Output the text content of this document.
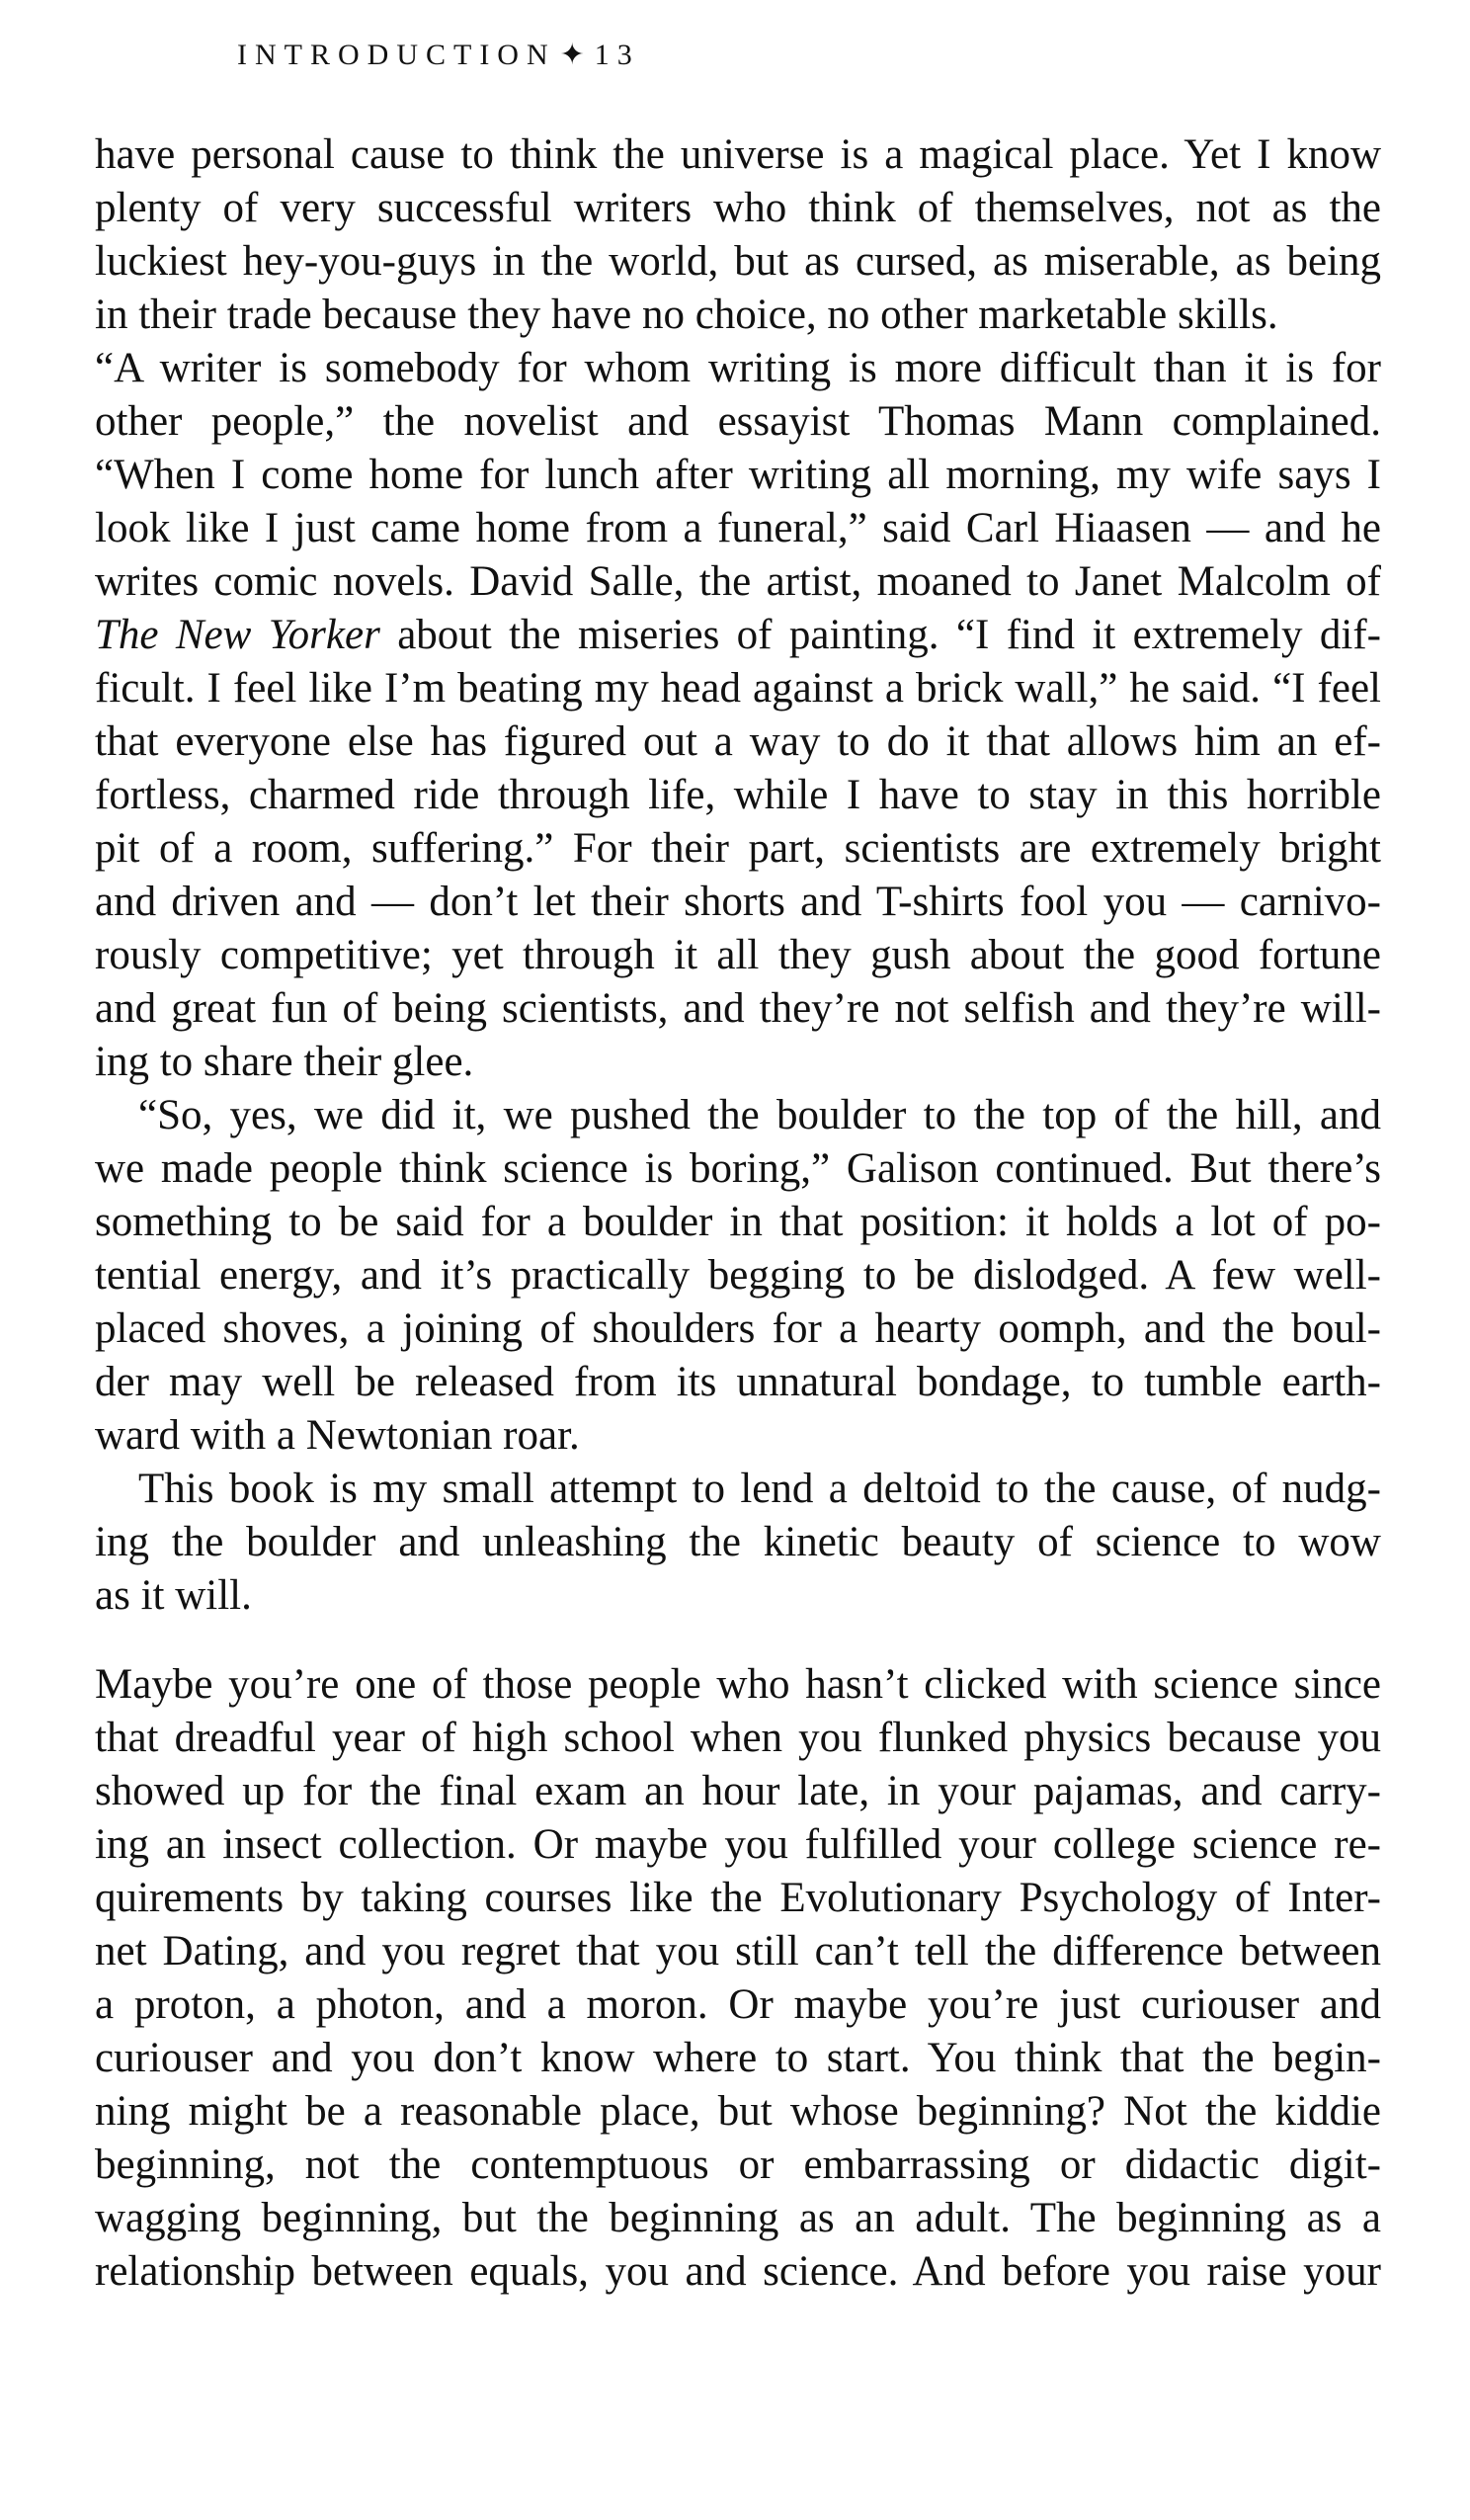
INTRODUCTION ✦ 13
have personal cause to think the universe is a magical place. Yet I know
plenty of very successful writers who think of themselves, not as the
luckiest hey-you-guys in the world, but as cursed, as miserable, as being
in their trade because they have no choice, no other marketable skills.
“A writer is somebody for whom writing is more difficult than it is for
other people,” the novelist and essayist Thomas Mann complained.
“When I come home for lunch after writing all morning, my wife says I
look like I just came home from a funeral,” said Carl Hiaasen — and he
writes comic novels. David Salle, the artist, moaned to Janet Malcolm of
The New Yorker about the miseries of painting. “I find it extremely dif-
ficult. I feel like I’m beating my head against a brick wall,” he said. “I feel
that everyone else has figured out a way to do it that allows him an ef-
fortless, charmed ride through life, while I have to stay in this horrible
pit of a room, suffering.” For their part, scientists are extremely bright
and driven and — don’t let their shorts and T-shirts fool you — carnivo-
rously competitive; yet through it all they gush about the good fortune
and great fun of being scientists, and they’re not selfish and they’re will-
ing to share their glee.
“So, yes, we did it, we pushed the boulder to the top of the hill, and
we made people think science is boring,” Galison continued. But there’s
something to be said for a boulder in that position: it holds a lot of po-
tential energy, and it’s practically begging to be dislodged. A few well-
placed shoves, a joining of shoulders for a hearty oomph, and the boul-
der may well be released from its unnatural bondage, to tumble earth-
ward with a Newtonian roar.
This book is my small attempt to lend a deltoid to the cause, of nudg-
ing the boulder and unleashing the kinetic beauty of science to wow
as it will.
Maybe you’re one of those people who hasn’t clicked with science since
that dreadful year of high school when you flunked physics because you
showed up for the final exam an hour late, in your pajamas, and carry-
ing an insect collection. Or maybe you fulfilled your college science re-
quirements by taking courses like the Evolutionary Psychology of Inter-
net Dating, and you regret that you still can’t tell the difference between
a proton, a photon, and a moron. Or maybe you’re just curiouser and
curiouser and you don’t know where to start. You think that the begin-
ning might be a reasonable place, but whose beginning? Not the kiddie
beginning, not the contemptuous or embarrassing or didactic digit-
wagging beginning, but the beginning as an adult. The beginning as a
relationship between equals, you and science. And before you raise your
